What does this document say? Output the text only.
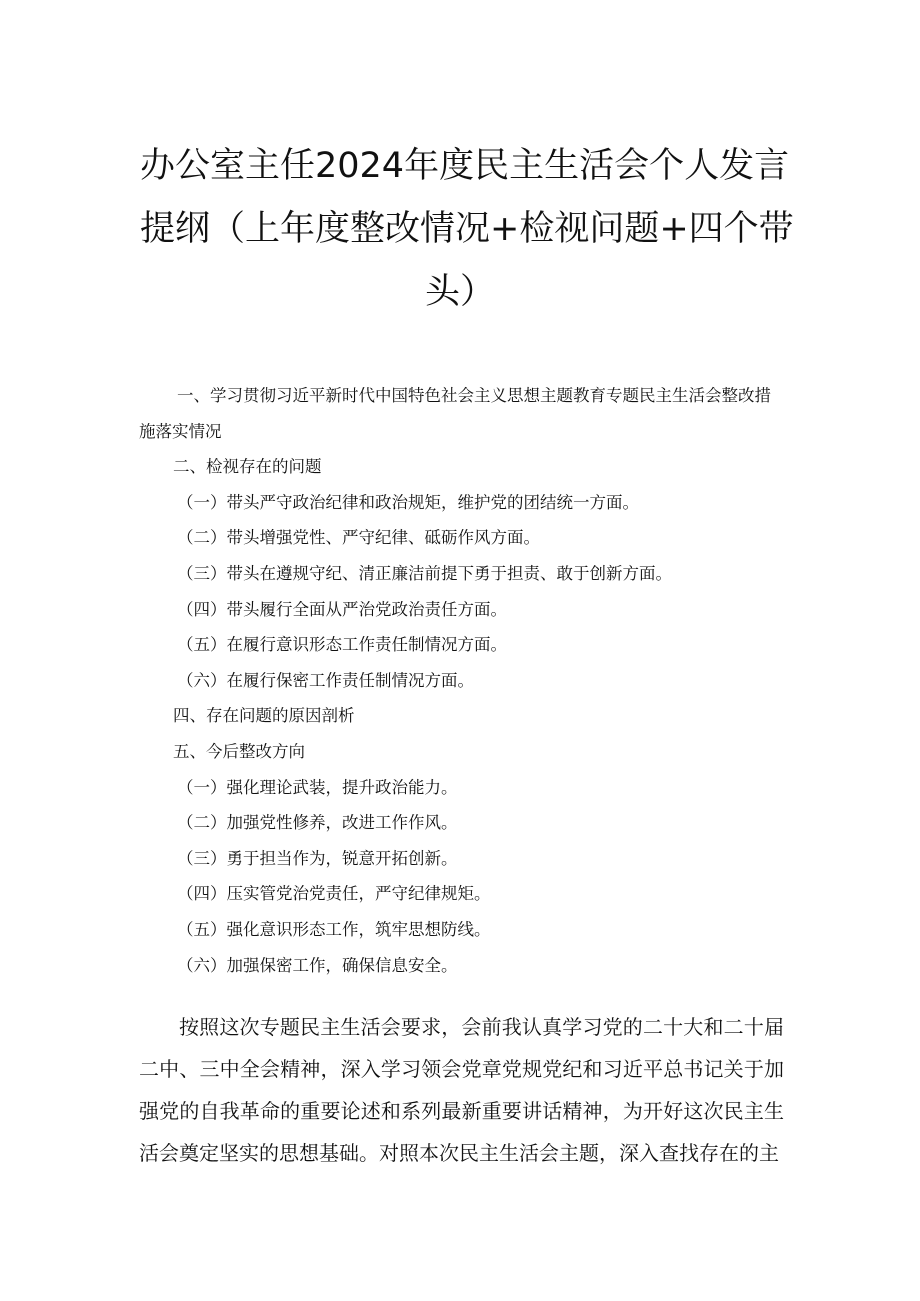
办公室主任2024年度民主生活会个人发言
提纲（上年度整改情况+检视问题+四个带
头）
一、学习贯彻习近平新时代中国特色社会主义思想主题教育专题民主生活会整改措施落实情况
二、检视存在的问题
（一）带头严守政治纪律和政治规矩，维护党的团结统一方面。
（二）带头增强党性、严守纪律、砥砺作风方面。
（三）带头在遵规守纪、清正廉洁前提下勇于担责、敢于创新方面。
（四）带头履行全面从严治党政治责任方面。
（五）在履行意识形态工作责任制情况方面。
（六）在履行保密工作责任制情况方面。
四、存在问题的原因剖析
五、今后整改方向
（一）强化理论武装，提升政治能力。
（二）加强党性修养，改进工作作风。
（三）勇于担当作为，锐意开拓创新。
（四）压实管党治党责任，严守纪律规矩。
（五）强化意识形态工作，筑牢思想防线。
（六）加强保密工作，确保信息安全。

按照这次专题民主生活会要求，会前我认真学习党的二十大和二十届二中、三中全会精神，深入学习领会党章党规党纪和习近平总书记关于加强党的自我革命的重要论述和系列最新重要讲话精神，为开好这次民主生活会奠定坚实的思想基础。对照本次民主生活会主题，深入查找存在的主
